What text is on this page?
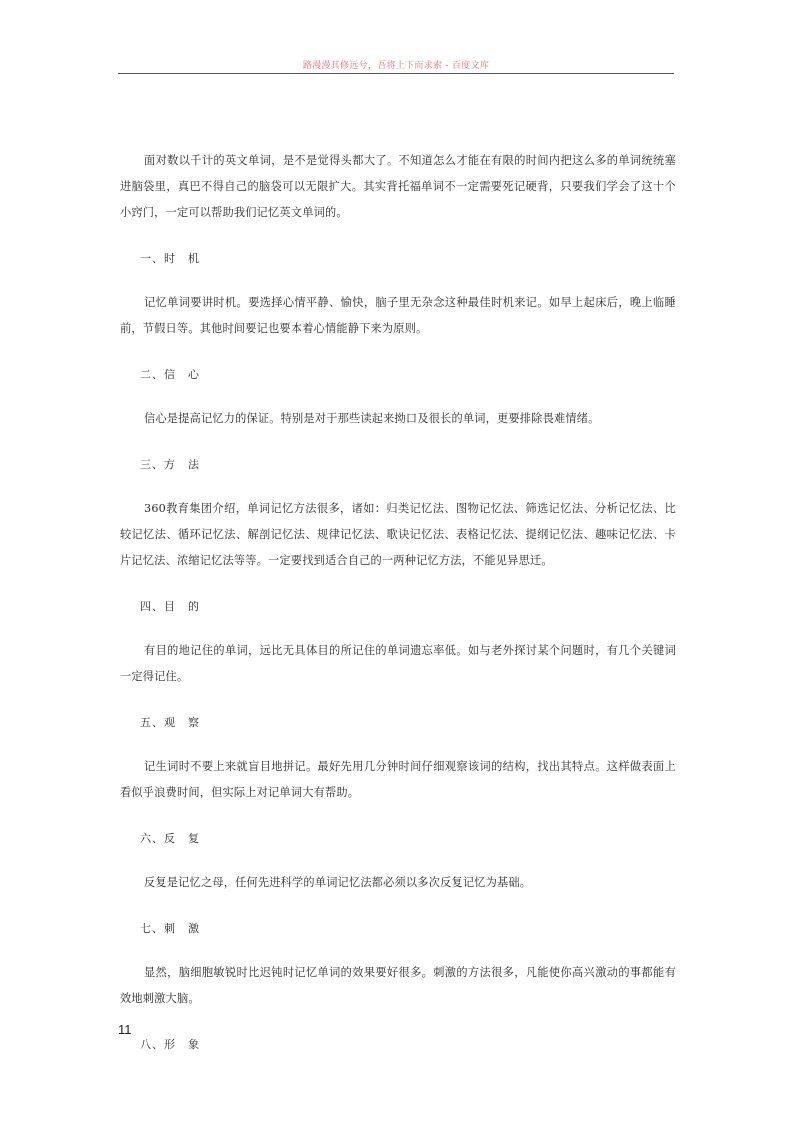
路漫漫其修远兮，吾将上下而求索 - 百度文库

面对数以千计的英文单词，是不是觉得头都大了。不知道怎么才能在有限的时间内把这么多的单词统统塞进脑袋里，真巴不得自己的脑袋可以无限扩大。其实背托福单词不一定需要死记硬背，只要我们学会了这十个小窍门，一定可以帮助我们记忆英文单词的。

一、时　机

记忆单词要讲时机。要选择心情平静、愉快，脑子里无杂念这种最佳时机来记。如早上起床后，晚上临睡前，节假日等。其他时间要记也要本着心情能静下来为原则。

二、信　心

信心是提高记忆力的保证。特别是对于那些读起来拗口及很长的单词，更要排除畏难情绪。

三、方　法

360教育集团介绍，单词记忆方法很多，诸如：归类记忆法、图物记忆法、筛选记忆法、分析记忆法、比较记忆法、循环记忆法、解剖记忆法、规律记忆法、歌诀记忆法、表格记忆法、提纲记忆法、趣味记忆法、卡片记忆法、浓缩记忆法等等。一定要找到适合自己的一两种记忆方法，不能见异思迁。

四、目　的

有目的地记住的单词，远比无具体目的所记住的单词遗忘率低。如与老外探讨某个问题时，有几个关键词一定得记住。

五、观　察

记生词时不要上来就盲目地拼记。最好先用几分钟时间仔细观察该词的结构，找出其特点。这样做表面上看似乎浪费时间，但实际上对记单词大有帮助。

六、反　复

反复是记忆之母，任何先进科学的单词记忆法都必须以多次反复记忆为基础。

七、刺　激

显然，脑细胞敏锐时比迟钝时记忆单词的效果要好很多。刺激的方法很多，凡能使你高兴激动的事都能有效地刺激大脑。

八、形　象

11
